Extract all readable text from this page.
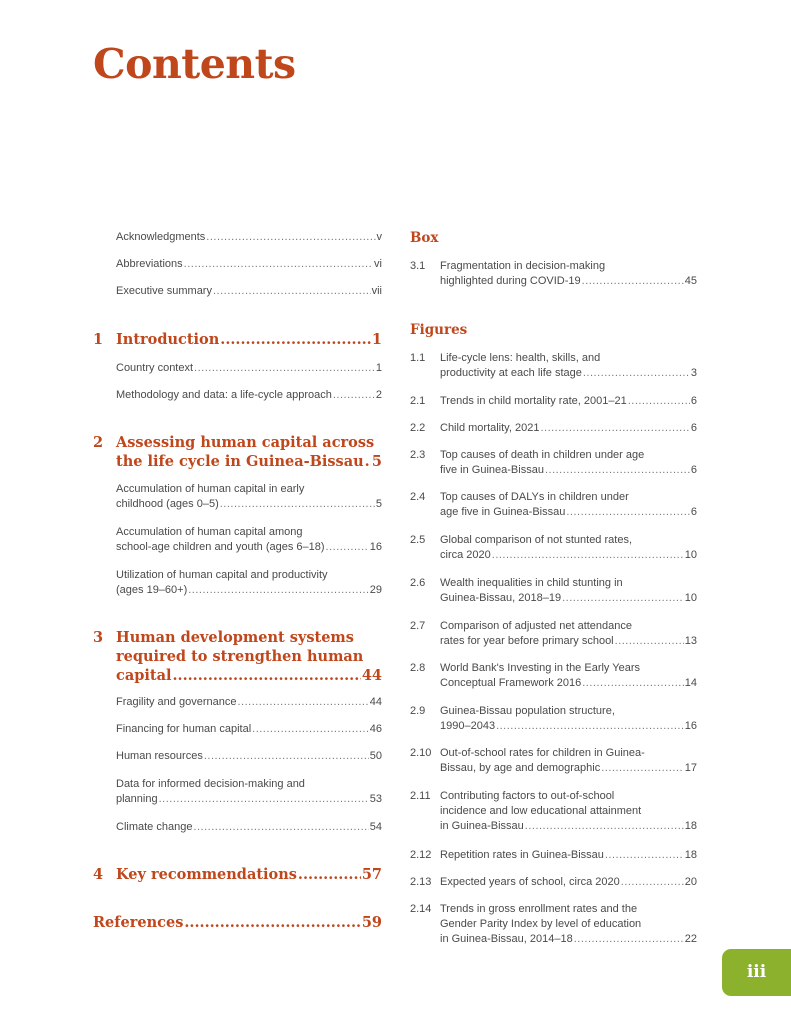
Contents
Acknowledgments .....	v
Abbreviations .....	vi
Executive summary .....	vii
1 Introduction .....	1
Country context .....	1
Methodology and data: a life-cycle approach .....	2
2 Assessing human capital across
the life cycle in Guinea-Bissau ..... 5
Accumulation of human capital in early
childhood (ages 0–5) .....	5
Accumulation of human capital among
school-age children and youth (ages 6–18) .....	16
Utilization of human capital and productivity
(ages 19–60+) .....	29
3 Human development systems
required to strengthen human
capital .....	44
Fragility and governance .....	44
Financing for human capital .....	46
Human resources .....	50
Data for informed decision-making and
planning .....	53
Climate change .....	54
4 Key recommendations .....	57
References .....	59
Box
3.1 Fragmentation in decision-making
highlighted during COVID-19 .....	45
Figures
1.1 Life-cycle lens: health, skills, and
productivity at each life stage .....	3
2.1 Trends in child mortality rate, 2001–21 .....	6
2.2 Child mortality, 2021 .....	6
2.3 Top causes of death in children under age
five in Guinea-Bissau .....	6
2.4 Top causes of DALYs in children under
age five in Guinea-Bissau .....	6
2.5 Global comparison of not stunted rates,
circa 2020 .....	10
2.6 Wealth inequalities in child stunting in
Guinea-Bissau, 2018–19 .....	10
2.7 Comparison of adjusted net attendance
rates for year before primary school .....	13
2.8 World Bank's Investing in the Early Years
Conceptual Framework 2016 .....	14
2.9 Guinea-Bissau population structure,
1990–2043 .....	16
2.10 Out-of-school rates for children in Guinea-
Bissau, by age and demographic .....	17
2.11 Contributing factors to out-of-school
incidence and low educational attainment
in Guinea-Bissau .....	18
2.12 Repetition rates in Guinea-Bissau .....	18
2.13 Expected years of school, circa 2020 .....	20
2.14 Trends in gross enrollment rates and the
Gender Parity Index by level of education
in Guinea-Bissau, 2014–18 .....	22
iii
